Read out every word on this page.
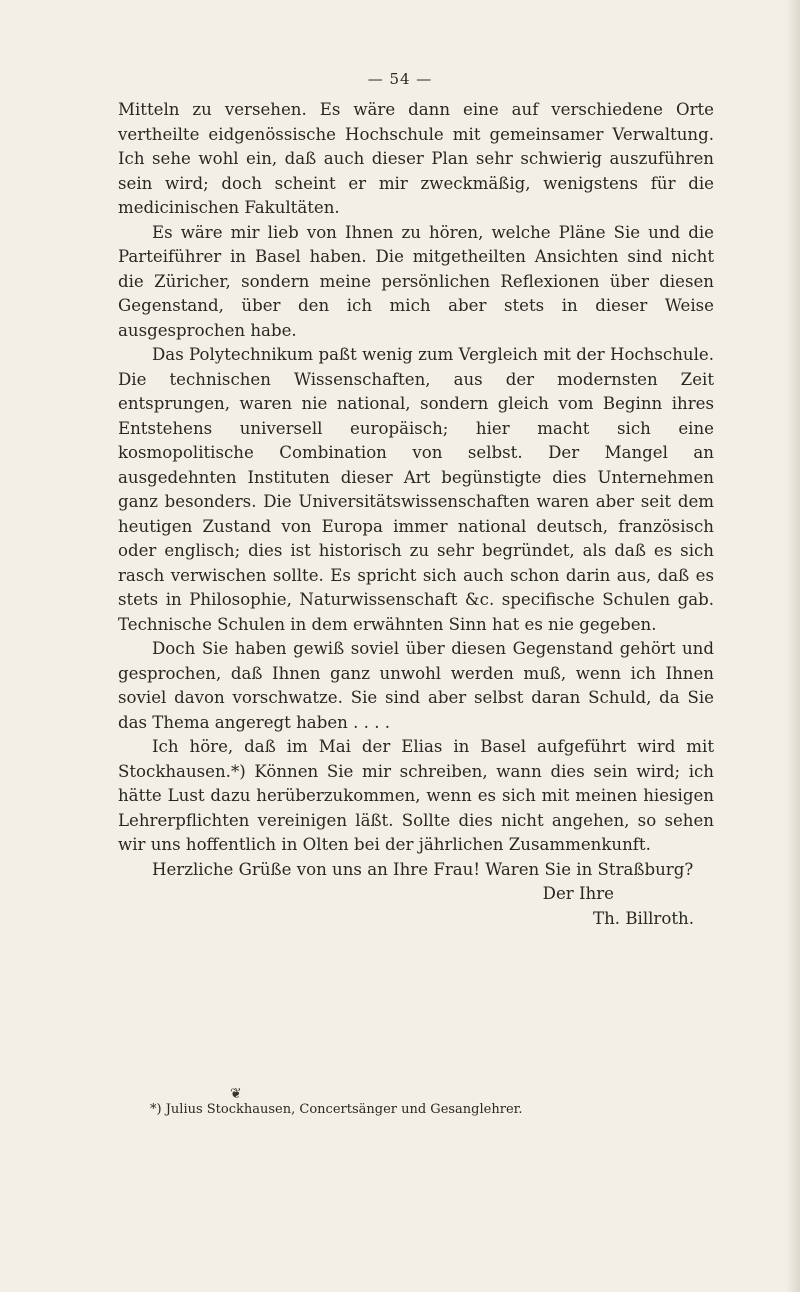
— 54 —

Mitteln zu versehen. Es wäre dann eine auf verschiedene Orte vertheilte eidgenössische Hochschule mit gemeinsamer Verwaltung. Ich sehe wohl ein, daß auch dieser Plan sehr schwierig auszuführen sein wird; doch scheint er mir zweckmäßig, wenigstens für die medicinischen Fakultäten.

Es wäre mir lieb von Ihnen zu hören, welche Pläne Sie und die Parteiführer in Basel haben. Die mitgetheilten Ansichten sind nicht die Züricher, sondern meine persönlichen Reflexionen über diesen Gegenstand, über den ich mich aber stets in dieser Weise ausgesprochen habe.

Das Polytechnikum paßt wenig zum Vergleich mit der Hochschule. Die technischen Wissenschaften, aus der modernsten Zeit entsprungen, waren nie national, sondern gleich vom Beginn ihres Entstehens universell europäisch; hier macht sich eine kosmopolitische Combination von selbst. Der Mangel an ausgedehnten Instituten dieser Art begünstigte dies Unternehmen ganz besonders. Die Universitätswissenschaften waren aber seit dem heutigen Zustand von Europa immer national deutsch, französisch oder englisch; dies ist historisch zu sehr begründet, als daß es sich rasch verwischen sollte. Es spricht sich auch schon darin aus, daß es stets in Philosophie, Naturwissenschaft &c. specifische Schulen gab. Technische Schulen in dem erwähnten Sinn hat es nie gegeben.

Doch Sie haben gewiß soviel über diesen Gegenstand gehört und gesprochen, daß Ihnen ganz unwohl werden muß, wenn ich Ihnen soviel davon vorschwatze. Sie sind aber selbst daran Schuld, da Sie das Thema angeregt haben . . . .

Ich höre, daß im Mai der Elias in Basel aufgeführt wird mit Stockhausen.*) Können Sie mir schreiben, wann dies sein wird; ich hätte Lust dazu herüberzukommen, wenn es sich mit meinen hiesigen Lehrerpflichten vereinigen läßt. Sollte dies nicht angehen, so sehen wir uns hoffentlich in Olten bei der jährlichen Zusammenkunft.

Herzliche Grüße von uns an Ihre Frau! Waren Sie in Straßburg?

Der Ihre
Th. Billroth.
❦
*) Julius Stockhausen, Concertsänger und Gesanglehrer.
